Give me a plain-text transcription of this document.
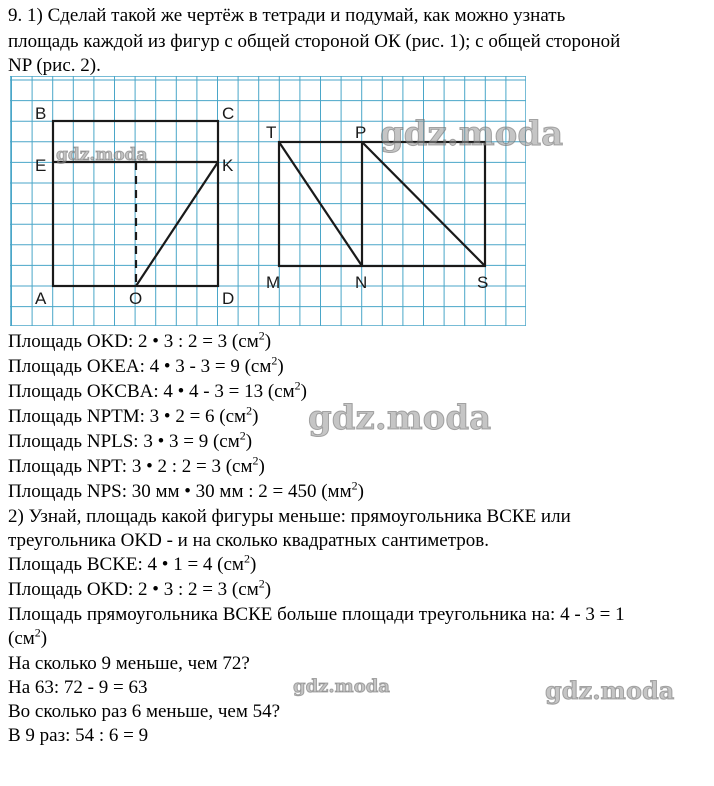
9. 1) Сделай такой же чертёж в тетради и подумай, как можно узнать
площадь каждой из фигур с общей стороной ОК (рис. 1); с общей стороной
NP (рис. 2).
B	C
E	K
A	O	D
T	P
M	N	S
Площадь OKD: 2 • 3 : 2 = 3 $(см^2)$
Площадь OKEA: 4 • 3 - 3 = 9 $(см^2)$
Площадь OKCBA: 4 • 4 - 3 = 13 $(см^2)$
Площадь NPTM: 3 • 2 = 6 $(см^2)$
Площадь NPLS: 3 • 3 = 9 $(см^2)$
Площадь NPT: 3 • 2 : 2 = 3 $(см^2)$
Площадь NPS: 30 мм • 30 мм : 2 = 450 $(мм^2)$
2) Узнай, площадь какой фигуры меньше: прямоугольника ВСКЕ или
треугольника OKD - и на сколько квадратных сантиметров.
Площадь BCKE: 4 • 1 = 4 $(см^2)$
Площадь OKD: 2 • 3 : 2 = 3 $(см^2)$
Площадь прямоугольника ВСКЕ больше площади треугольника на: 4 - 3 = 1
$(см^2)$
На сколько 9 меньше, чем 72?
На 63: 72 - 9 = 63
Во сколько раз 6 меньше, чем 54?
В 9 раз: 54 : 6 = 9
gdz.moda
gdz.moda
gdz.moda
gdz.moda	gdz.moda
